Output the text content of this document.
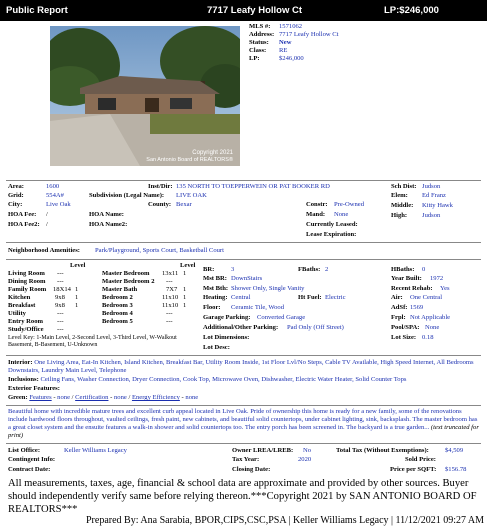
Public Report	7717 Leafy Hollow Ct	LP:$246,000
Copyright 2021
San Antonio Board of REALTORS®
MLS #: 1571062
Address: 7717 Leafy Hollow Ct
Status: New
Class: RE
LP:	$246,000
Area:	1600
Grid:	554A#
City:	Live Oak
HOA Fee: /
HOA Fee2: /
Inst/Dir: 135 NORTH TO TOEPPERWEIN OR PAT BOOKER RD
Subdivision (Legal Name): LIVE OAK
County: Bexar
HOA Name:
HOA Name2:
Constr: Pre-Owned
Mand: None
Currently Leased:
Lease Expiration:
Sch Dist: Judson
Elem: Ed Franz
Middle: Kitty Hawk
High: Judson
Neighborhood Amenities: Park/Playground, Sports Court, Basketball Court
Level	Level
Living Room ---
Dining Room ---
Family Room 18X14 1
Kitchen	9x8 1
Breakfast	9x8 1
Utility	---
Entry Room ---
Study/Office ---
Master Bedroom 13x11 1
Master Bedroom 2 ---
Master Bath	7X7 1
Bedroom 2	11x10 1
Bedroom 3	11x10 1
Bedroom 4	---
Bedroom 5	---
Level Key: 1-Main Level, 2-Second Level, 3-Third Level, W-Walkout Basement, B-Basement, U-Unknown
BR:	3	FBaths: 2	HBaths: 0
Mst BR: DownStairs	Year Built: 1972
Mst Bth: Shower Only, Single Vanity	Recent Rehab: Yes
Heating: Central	Ht Fuel: Electric	Air: One Central
Floor: Ceramic Tile, Wood	AdSf: 1569
Garage Parking: Converted Garage	Frpl: Not Applicable
Additional/Other Parking: Pad Only (Off Street)	Pool/SPA: None
Lot Dimensions:	Lot Size: 0.18
Lot Desc:
Interior: One Living Area, Eat-In Kitchen, Island Kitchen, Breakfast Bar, Utility Room Inside, 1st Floor Lvl/No Steps, Cable TV Available, High Speed Internet, All Bedrooms Downstairs, Laundry Main Level, Telephone
Inclusions: Ceiling Fans, Washer Connection, Dryer Connection, Cook Top, Microwave Oven, Dishwasher, Electric Water Heater, Solid Counter Tops
Exterior Features:
Green: Features - none / Certification - none / Energy Efficiency - none
Beautiful home with incredible mature trees and excellent curb appeal located in Live Oak. Pride of ownership this home is ready for a new family, some of the renovations include hardwood floors throughout, vaulted ceilings, fresh paint, new cabinets, and beautiful solid countertops, under cabinet lighting, sink, backsplash. The master bedroom has a great closet system and the ensuite features a walk-in shower and solid countertops too. The entry porch has been screened in. The backyard is a true garden... (text truncated for print)
List Office:	Keller Williams Legacy
Contingent Info:
Contract Date:
Owner LREA/LREB: No
Tax Year:	2020
Closing Date:
Total Tax (Without Exemptions): $4,509
Sold Price:
Price per SQFT: $156.78
All measurements, taxes, age, financial & school data are approximate and provided by other sources. Buyer should independently verify same before relying thereon.***Copyright 2021 by SAN ANTONIO BOARD OF REALTORS***
Prepared By: Ana Sarabia, BPOR,CIPS,CSC,PSA | Keller Williams Legacy | 11/12/2021 09:27 AM
